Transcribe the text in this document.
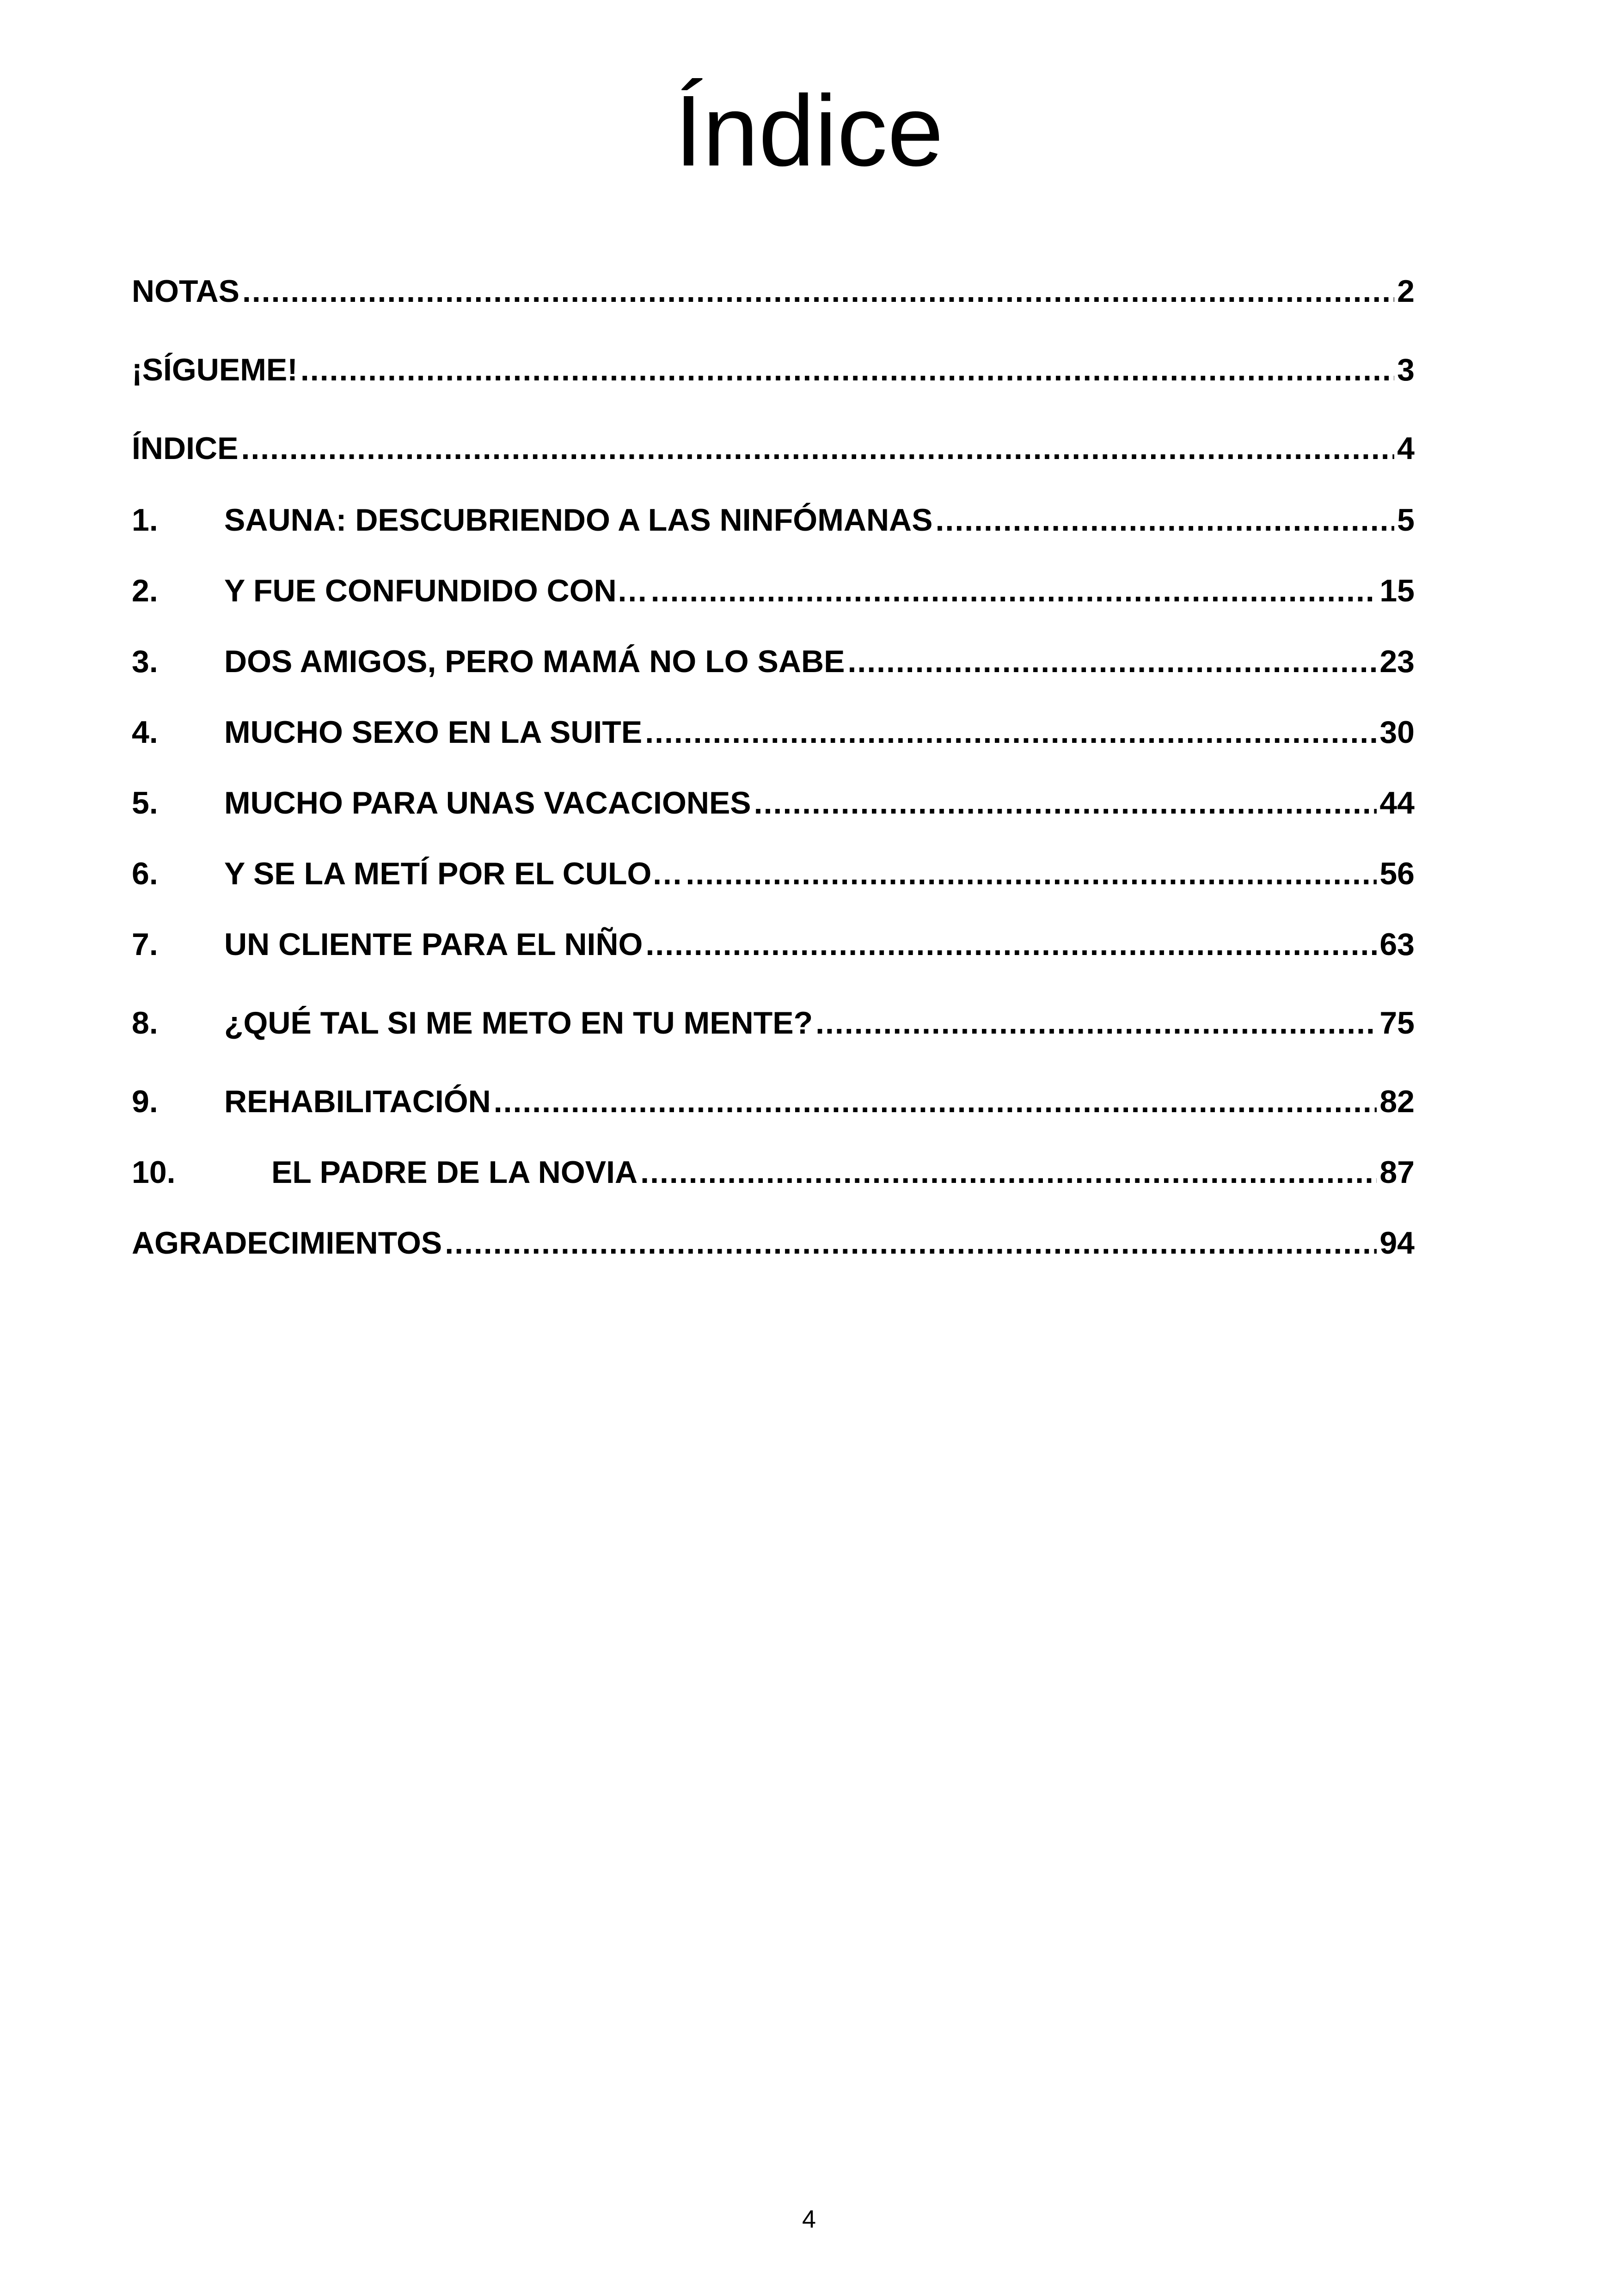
Índice
NOTAS .....	2
¡SÍGUEME! .....	3
ÍNDICE .....	4
1.	SAUNA: DESCUBRIENDO A LAS NINFÓMANAS .....	5
2.	Y FUE CONFUNDIDO CON… .....	15
3.	DOS AMIGOS, PERO MAMÁ NO LO SABE .....	23
4.	MUCHO SEXO EN LA SUITE .....	30
5.	MUCHO PARA UNAS VACACIONES .....	44
6.	Y SE LA METÍ POR EL CULO… .....	56
7.	UN CLIENTE PARA EL NIÑO .....	63
8.	¿QUÉ TAL SI ME METO EN TU MENTE? .....	75
9.	REHABILITACIÓN .....	82
10.	EL PADRE DE LA NOVIA .....	87
AGRADECIMIENTOS .....	94
4
